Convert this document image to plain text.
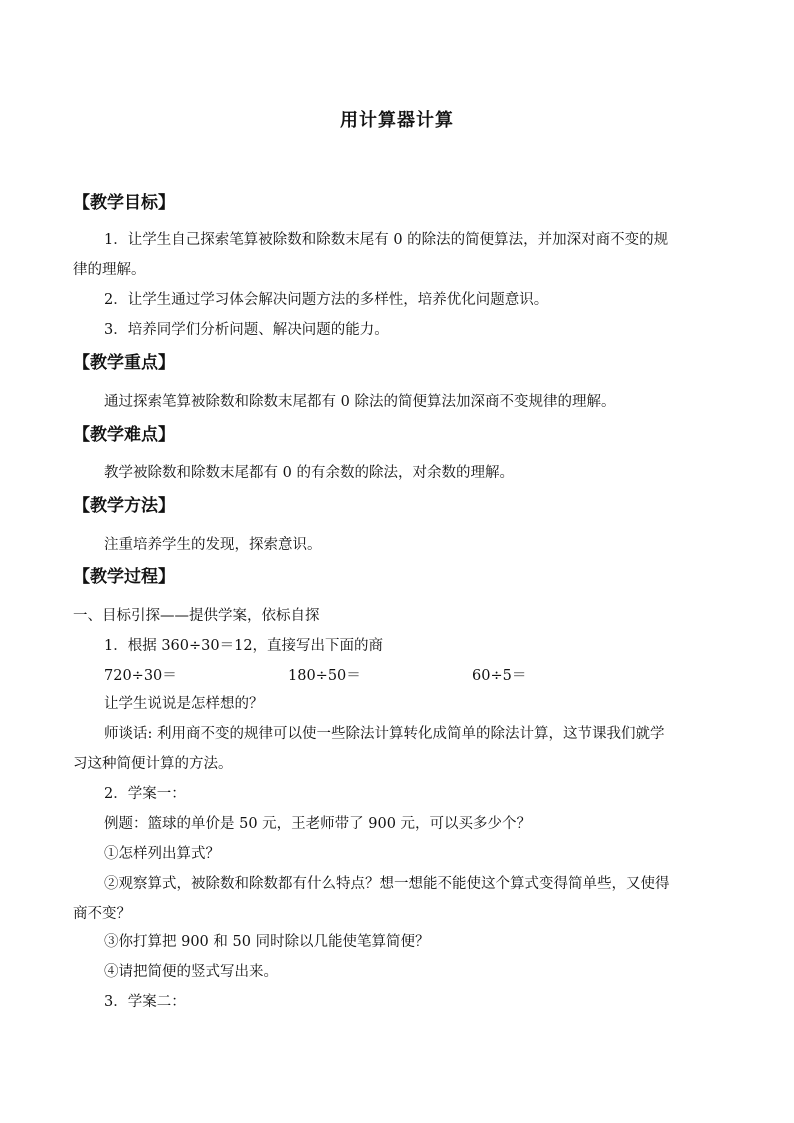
用计算器计算
【教学目标】
1．让学生自己探索笔算被除数和除数末尾有 0 的除法的简便算法，并加深对商不变的规
律的理解。
2．让学生通过学习体会解决问题方法的多样性，培养优化问题意识。
3．培养同学们分析问题、解决问题的能力。
【教学重点】
通过探索笔算被除数和除数末尾都有 0 除法的简便算法加深商不变规律的理解。
【教学难点】
教学被除数和除数末尾都有 0 的有余数的除法，对余数的理解。
【教学方法】
注重培养学生的发现，探索意识。
【教学过程】
一、目标引探——提供学案，依标自探
1．根据 360÷30＝12，直接写出下面的商
720÷30＝	180÷50＝	60÷5＝
让学生说说是怎样想的？
师谈话: 利用商不变的规律可以使一些除法计算转化成简单的除法计算，这节课我们就学
习这种简便计算的方法。
2．学案一：
例题：篮球的单价是 50 元，王老师带了 900 元，可以买多少个？
①怎样列出算式？
②观察算式，被除数和除数都有什么特点？想一想能不能使这个算式变得简单些，又使得
商不变？
③你打算把 900 和 50 同时除以几能使笔算简便？
④请把简便的竖式写出来。
3．学案二：
